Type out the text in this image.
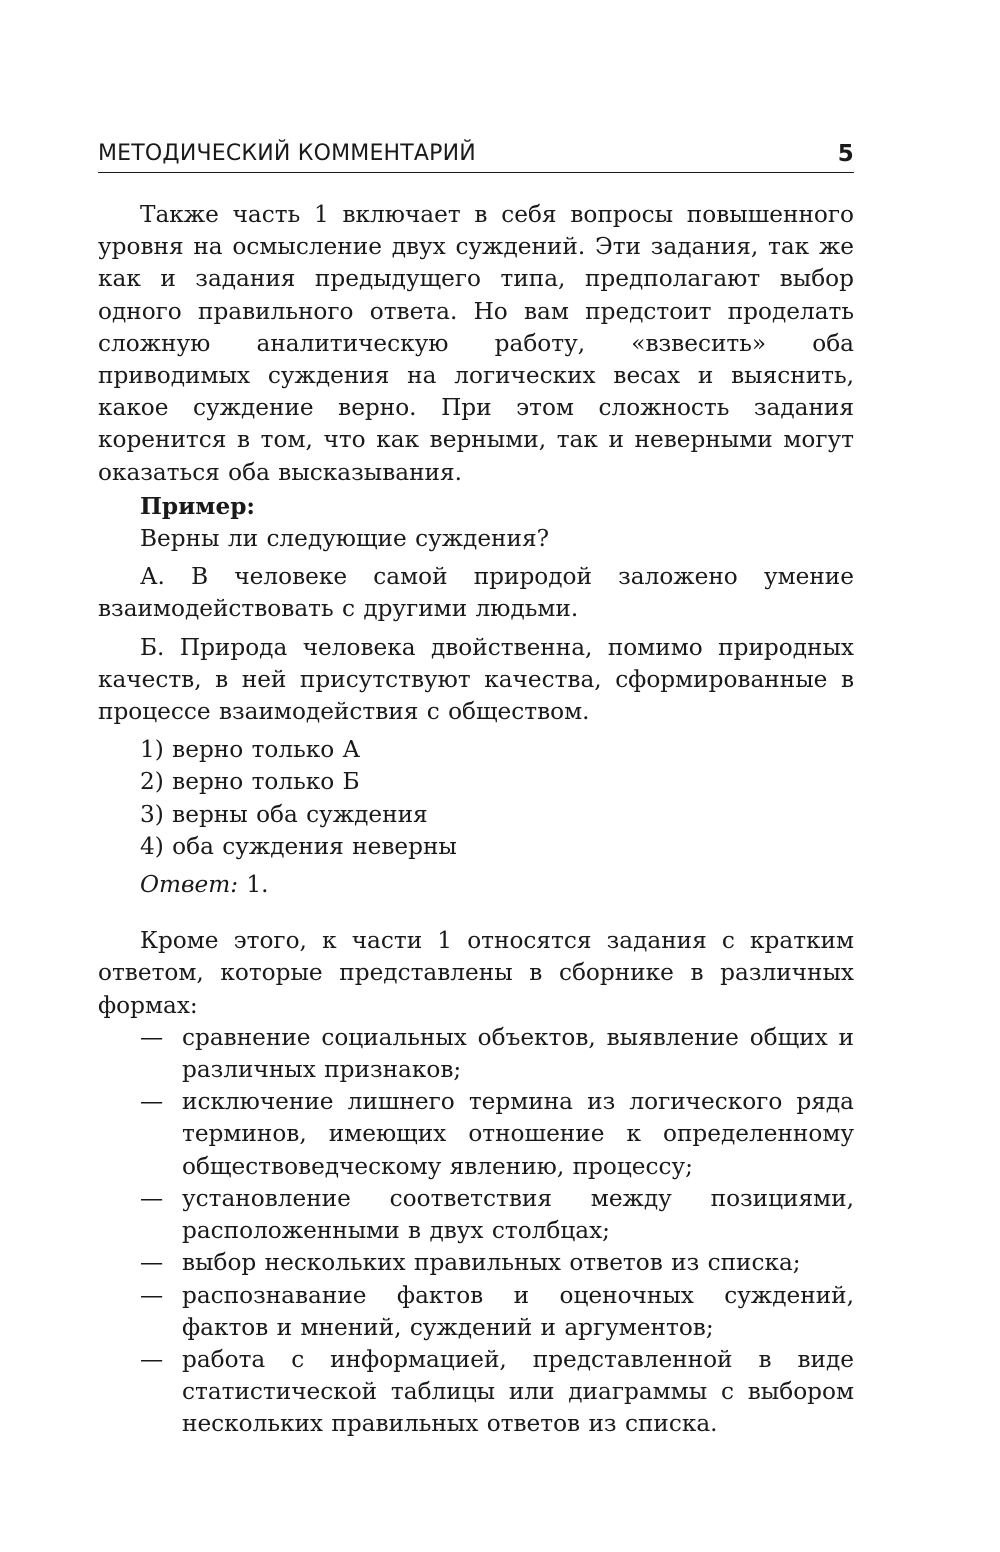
МЕТОДИЧЕСКИЙ КОММЕНТАРИЙ	5

Также часть 1 включает в себя вопросы повышенного уровня на осмысление двух суждений. Эти задания, так же как и задания предыдущего типа, предполагают выбор одного правильного ответа. Но вам предстоит проделать сложную аналитическую работу, «взвесить» оба приводимых суждения на логических весах и выяснить, какое суждение верно. При этом сложность задания коренится в том, что как верными, так и неверными могут оказаться оба высказывания.

Пример:

Верны ли следующие суждения?

А. В человеке самой природой заложено умение взаимодействовать с другими людьми.

Б. Природа человека двойственна, помимо природных качеств, в ней присутствуют качества, сформированные в процессе взаимодействия с обществом.

1) верно только А

2) верно только Б

3) верны оба суждения

4) оба суждения неверны

Ответ: 1.

Кроме этого, к части 1 относятся задания с кратким ответом, которые представлены в сборнике в различных формах:

— сравнение социальных объектов, выявление общих и различных признаков;
— исключение лишнего термина из логического ряда терминов, имеющих отношение к определенному обществоведческому явлению, процессу;
— установление соответствия между позициями, расположенными в двух столбцах;
— выбор нескольких правильных ответов из списка;
— распознавание фактов и оценочных суждений, фактов и мнений, суждений и аргументов;
— работа с информацией, представленной в виде статистической таблицы или диаграммы с выбором нескольких правильных ответов из списка.
